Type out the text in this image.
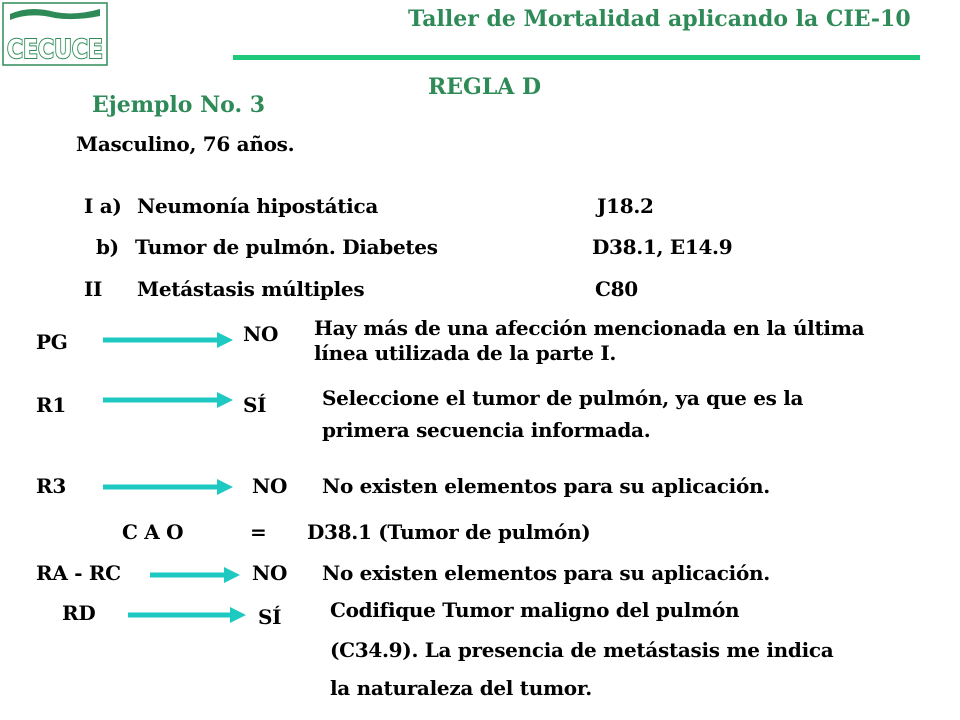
CECUCE
Taller de Mortalidad aplicando la CIE-10
REGLA D
Ejemplo No. 3
Masculino, 76 años.
I a) Neumonía hipostática	J18.2
b) Tumor de pulmón. Diabetes	D38.1, E14.9
II Metástasis múltiples	C80
PG	NO Hay más de una afección mencionada en la última
línea utilizada de la parte I.
R1	SÍ	Seleccione el tumor de pulmón, ya que es la
primera secuencia informada.
R3	NO No existen elementos para su aplicación.
C A O	= D38.1 (Tumor de pulmón)
RA - RC	NO No existen elementos para su aplicación.
RD	SÍ Codifique Tumor maligno del pulmón
(C34.9). La presencia de metástasis me indica
la naturaleza del tumor.
